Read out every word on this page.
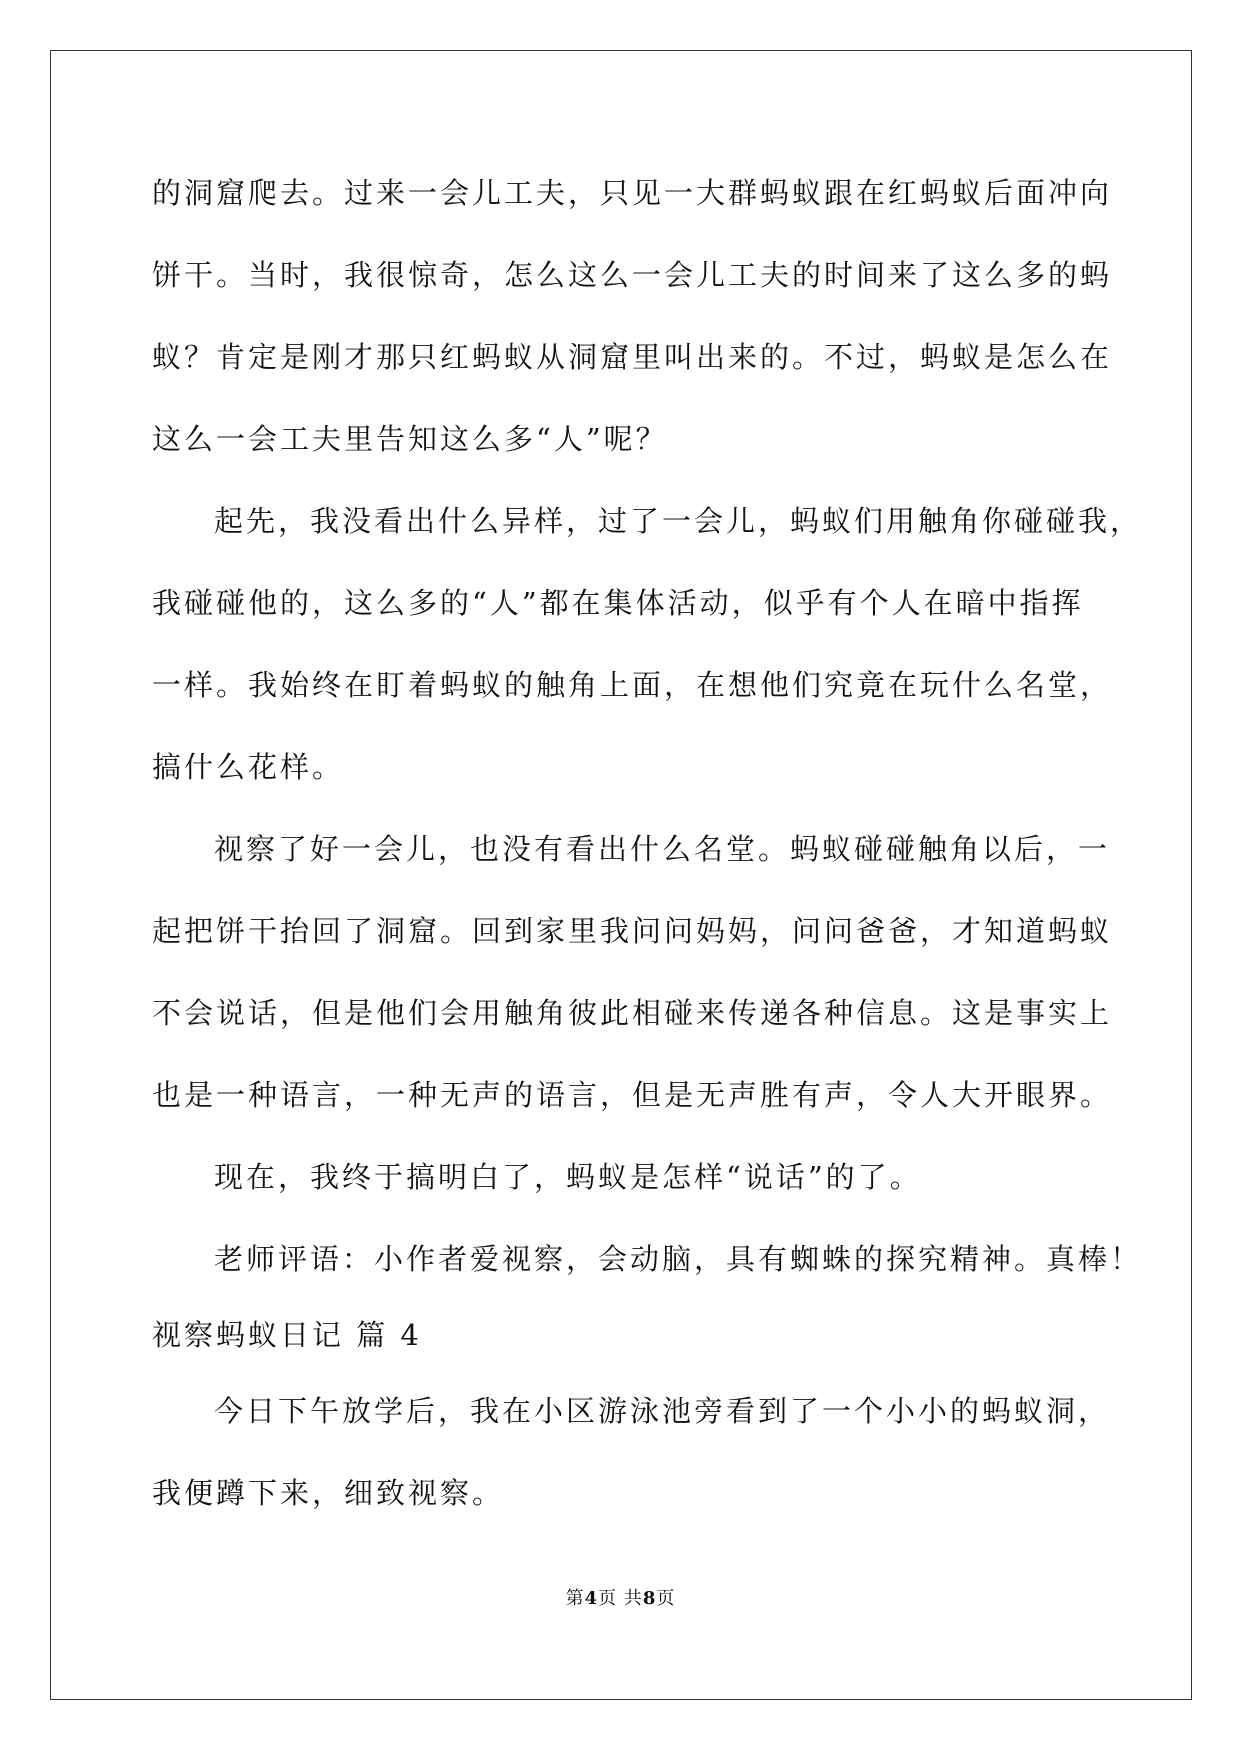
的洞窟爬去。过来一会儿工夫，只见一大群蚂蚁跟在红蚂蚁后面冲向
饼干。当时，我很惊奇，怎么这么一会儿工夫的时间来了这么多的蚂
蚁？肯定是刚才那只红蚂蚁从洞窟里叫出来的。不过，蚂蚁是怎么在
这么一会工夫里告知这么多“人”呢？
起先，我没看出什么异样，过了一会儿，蚂蚁们用触角你碰碰我，
我碰碰他的，这么多的“人”都在集体活动，似乎有个人在暗中指挥
一样。我始终在盯着蚂蚁的触角上面，在想他们究竟在玩什么名堂，
搞什么花样。
视察了好一会儿，也没有看出什么名堂。蚂蚁碰碰触角以后，一
起把饼干抬回了洞窟。回到家里我问问妈妈，问问爸爸，才知道蚂蚁
不会说话，但是他们会用触角彼此相碰来传递各种信息。这是事实上
也是一种语言，一种无声的语言，但是无声胜有声，令人大开眼界。
现在，我终于搞明白了，蚂蚁是怎样“说话”的了。
老师评语：小作者爱视察，会动脑，具有蜘蛛的探究精神。真棒！
视察蚂蚁日记 篇 4
今日下午放学后，我在小区游泳池旁看到了一个小小的蚂蚁洞，
我便蹲下来，细致视察。
第4页 共8页
